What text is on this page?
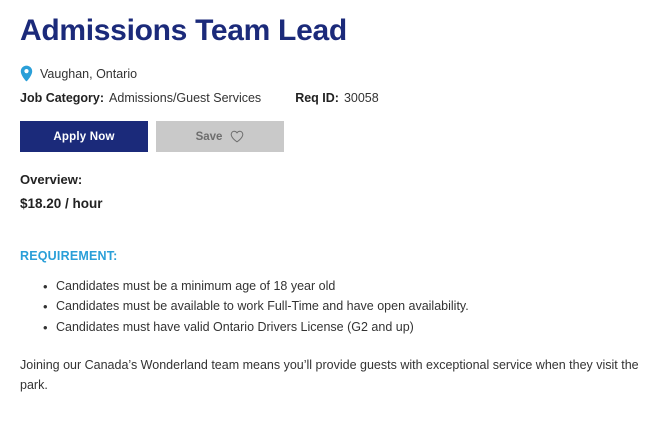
Admissions Team Lead
Vaughan, Ontario
Job Category: Admissions/Guest Services	Req ID: 30058
Apply Now	Save
Overview:
$18.20 / hour
REQUIREMENT:
• Candidates must be a minimum age of 18 year old
• Candidates must be available to work Full-Time and have open availability.
• Candidates must have valid Ontario Drivers License (G2 and up)

Joining our Canada’s Wonderland team means you’ll provide guests with exceptional service when they visit the park.
